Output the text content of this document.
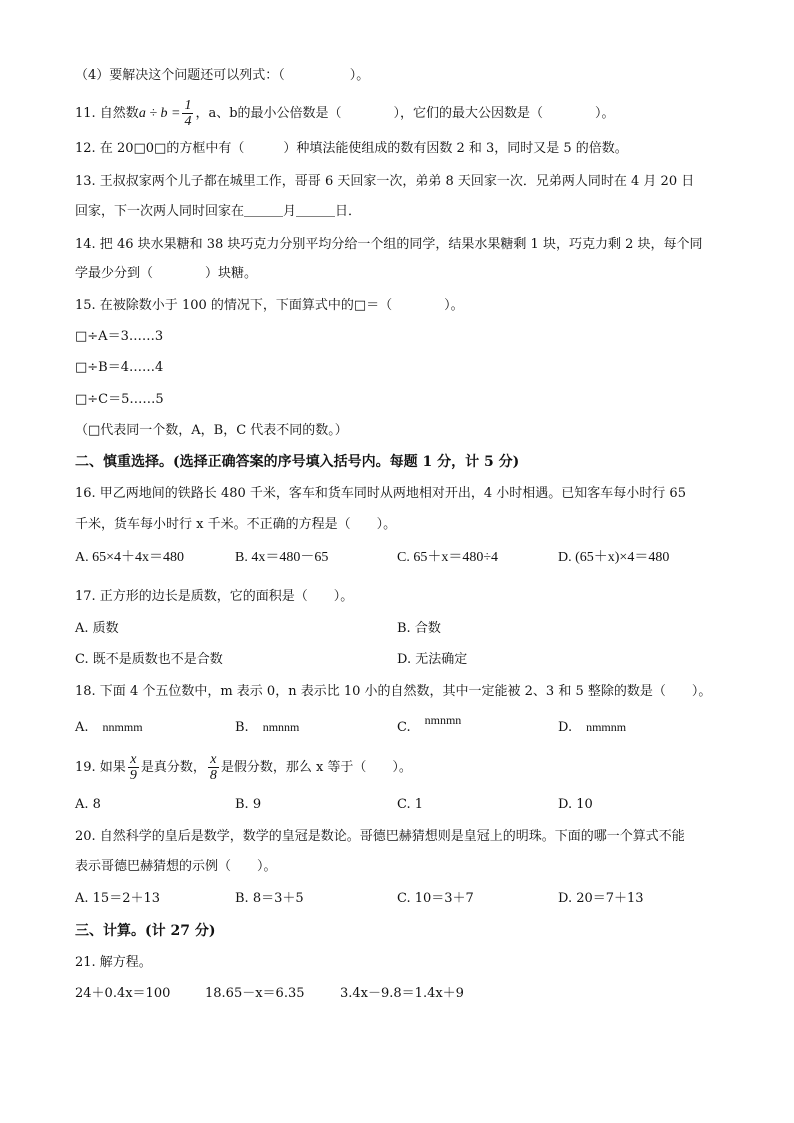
（4）要解决这个问题还可以列式：（　　　　　）。
11. 自然数$a \div b = \frac{1}{4}$ ，a、b的最小公倍数是（　　　　），它们的最大公因数是（　　　　）。
12. 在 20□0□的方框中有（　　　）种填法能使组成的数有因数 2 和 3，同时又是 5 的倍数。
13. 王叔叔家两个儿子都在城里工作，哥哥 6 天回家一次，弟弟 8 天回家一次．兄弟两人同时在 4 月 20 日
回家，下一次两人同时回家在＿＿＿月＿＿＿日．
14. 把 46 块水果糖和 38 块巧克力分别平均分给一个组的同学，结果水果糖剩 1 块，巧克力剩 2 块，每个同
学最少分到（　　　　）块糖。
15. 在被除数小于 100 的情况下，下面算式中的□＝（　　　　）。
□÷A＝3……3
□÷B＝4……4
□÷C＝5……5
（□代表同一个数，A，B，C 代表不同的数。）
二、慎重选择。(选择正确答案的序号填入括号内。每题 1 分，计 5 分)
16. 甲乙两地间的铁路长 480 千米，客车和货车同时从两地相对开出，4 小时相遇。已知客车每小时行 65
千米，货车每小时行 x 千米。不正确的方程是（　　）。
A. 65×4＋4x＝480	B. 4x＝480－65	C. 65＋x＝480÷4	D. (65＋x)×4＝480
17. 正方形的边长是质数，它的面积是（　　）。
A. 质数	B. 合数
C. 既不是质数也不是合数	D. 无法确定
18. 下面 4 个五位数中，m 表示 0，n 表示比 10 小的自然数，其中一定能被 2、3 和 5 整除的数是（　　）。
A. nnmmm	B. nmnnm	C. nmnmn	D. nmmnm
19. 如果 $\frac{x}{9}$ 是真分数， $\frac{x}{8}$ 是假分数，那么 x 等于（　　）。
A. 8	B. 9	C. 1	D. 10
20. 自然科学的皇后是数学，数学的皇冠是数论。哥德巴赫猜想则是皇冠上的明珠。下面的哪一个算式不能
表示哥德巴赫猜想的示例（　　）。
A. 15＝2＋13	B. 8＝3＋5	C. 10＝3＋7	D. 20＝7＋13
三、计算。(计 27 分)
21. 解方程。
24＋0.4x＝100	18.65－x＝6.35	3.4x－9.8＝1.4x＋9
